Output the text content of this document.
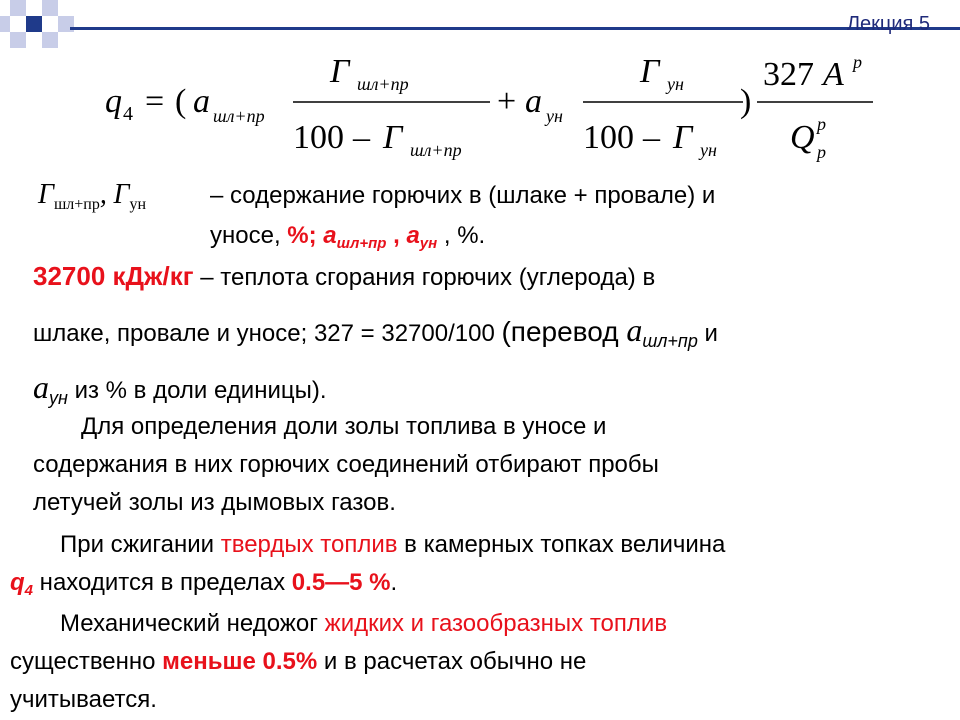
Лекция 5
q 4 = ( a шл+пр
Г шл+пр
100 – Г шл+пр
+ a ун
Г ун
100 – Г ун
)
327 A p
Q p
p
$Г_{шл+пр}$, $Г_{ун}$	– содержание горючих в (шлаке + провале) и
уносе, %; $a_{шл+пр}$ , $a_{ун}$ , %.
32700 кДж/кг – теплота сгорания горючих (углерода) в
шлаке, провале и уносе; 327 = 32700/100 (перевод $a_{шл+пр}$ и
$a_{ун}$ из % в доли единицы).
Для определения доли золы топлива в уносе и
содержания в них горючих соединений отбирают пробы
летучей золы из дымовых газов.
При сжигании твердых топлив в камерных топках величина
$q_4$ находится в пределах 0.5—5 %.
Механический недожог жидких и газообразных топлив
существенно меньше 0.5% и в расчетах обычно не
учитывается.
